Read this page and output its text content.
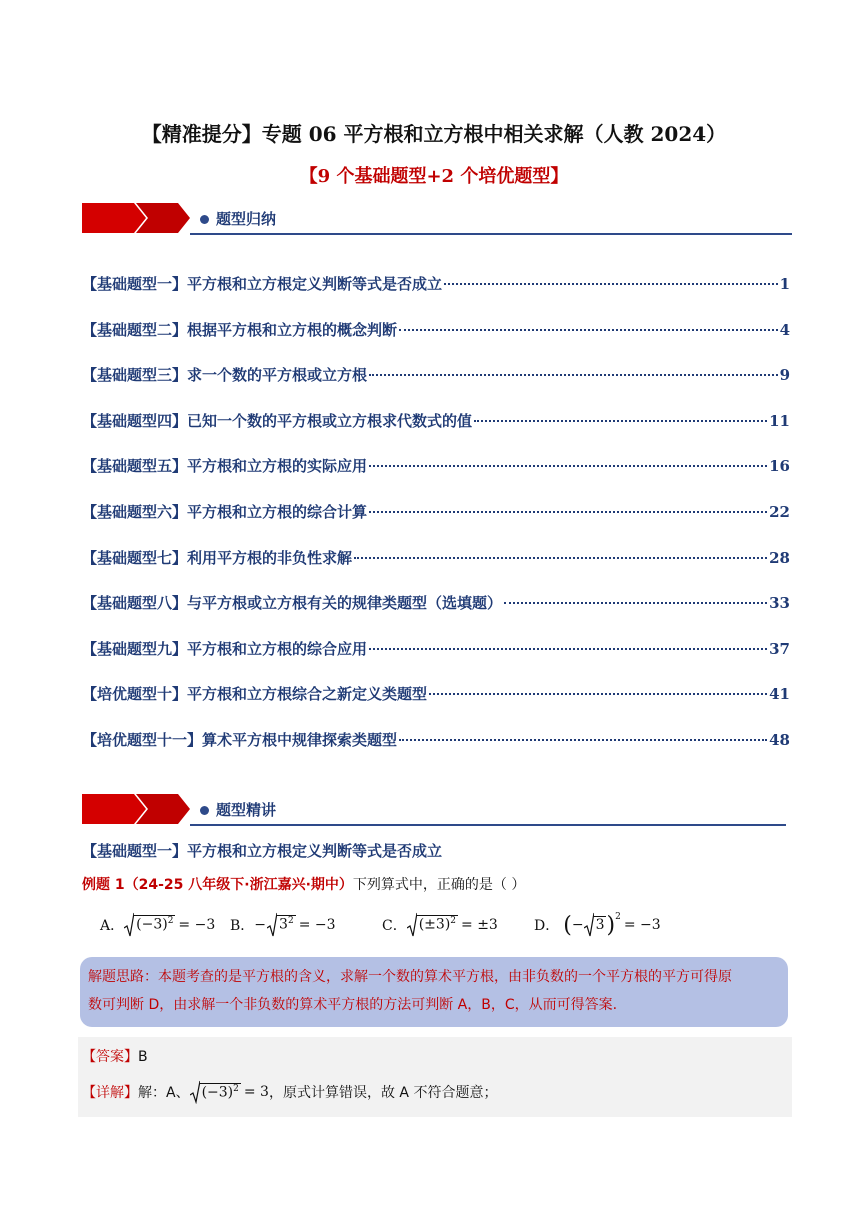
【精准提分】专题 06 平方根和立方根中相关求解（人教 2024）
【9 个基础题型+2 个培优题型】
题型归纳
【基础题型一】平方根和立方根定义判断等式是否成立	1
【基础题型二】根据平方根和立方根的概念判断	4
【基础题型三】求一个数的平方根或立方根	9
【基础题型四】已知一个数的平方根或立方根求代数式的值	11
【基础题型五】平方根和立方根的实际应用	16
【基础题型六】平方根和立方根的综合计算	22
【基础题型七】利用平方根的非负性求解	28
【基础题型八】与平方根或立方根有关的规律类题型（选填题）	33
【基础题型九】平方根和立方根的综合应用	37
【培优题型十】平方根和立方根综合之新定义类题型	41
【培优题型十一】算术平方根中规律探索类题型	48
题型精讲
【基础题型一】平方根和立方根定义判断等式是否成立
例题 1（24-25 八年级下·浙江嘉兴·期中）下列算式中，正确的是（ ）
A． $(-3)^2 = -3$ B． − $3^2 = -3$	C． $(\pm 3)^2 = \pm 3$	D． ( − 3 )$^2$ = −3
解题思路：本题考查的是平方根的含义，求解一个数的算术平方根，由非负数的一个平方根的平方可得原
数可判断 D，由求解一个非负数的算术平方根的方法可判断 A，B，C，从而可得答案.
【答案】B
【详解】 解：A、 $(-3)^2 = 3$ ，原式计算错误，故 A 不符合题意；
